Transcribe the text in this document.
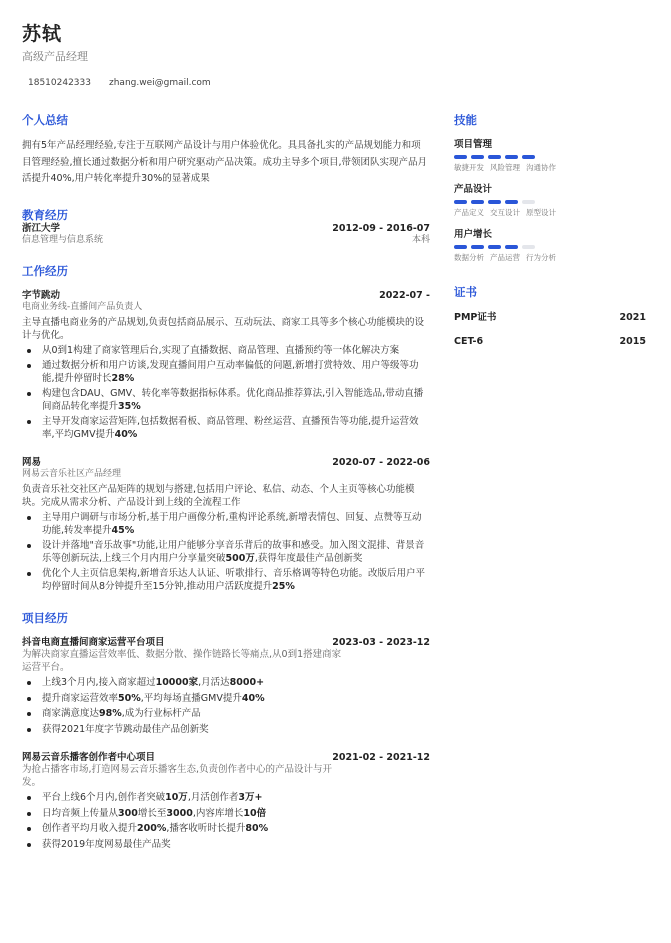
苏轼
高级产品经理
18510242333 zhang.wei@gmail.com
个人总结

拥有5年产品经理经验,专注于互联网产品设计与用户体验优化。具具备扎实的产品规划能力和项目管理经验,擅长通过数据分析和用户研究驱动产品决策。成功主导多个项目,带领团队实现产品月活提升40%,用户转化率提升30%的显著成果

教育经历
浙江大学	2012-09 - 2016-07
信息管理与信息系统	本科
工作经历
字节跳动	2022-07 -
电商业务线-直播间产品负责人

主导直播电商业务的产品规划,负责包括商品展示、互动玩法、商家工具等多个核心功能模块的设计与优化。

从0到1构建了商家管理后台,实现了直播数据、商品管理、直播预约等一体化解决方案
通过数据分析和用户访谈,发现直播间用户互动率偏低的问题,新增打赏特效、用户等级等功能,提升停留时长28%
构建包含DAU、GMV、转化率等数据指标体系。优化商品推荐算法,引入智能选品,带动直播间商品转化率提升35%
主导开发商家运营矩阵,包括数据看板、商品管理、粉丝运营、直播预告等功能,提升运营效率,平均GMV提升40%
网易	2020-07 - 2022-06
网易云音乐社区产品经理

负责音乐社交社区产品矩阵的规划与搭建,包括用户评论、私信、动态、个人主页等核心功能模块。完成从需求分析、产品设计到上线的全流程工作

主导用户调研与市场分析,基于用户画像分析,重构评论系统,新增表情包、回复、点赞等互动功能,转发率提升45%
设计并落地"音乐故事"功能,让用户能够分享音乐背后的故事和感受。加入图文混排、背景音乐等创新玩法,上线三个月内用户分享量突破500万,获得年度最佳产品创新奖
优化个人主页信息架构,新增音乐达人认证、听歌排行、音乐格调等特色功能。改版后用户平均停留时间从8分钟提升至15分钟,推动用户活跃度提升25%
项目经历
抖音电商直播间商家运营平台项目	2023-03 - 2023-12
为解决商家直播运营效率低、数据分散、操作链路长等痛点,从0到1搭建商家运营平台。
上线3个月内,接入商家超过10000家,月活达8000+
提升商家运营效率50%,平均每场直播GMV提升40%
商家满意度达98%,成为行业标杆产品
获得2021年度字节跳动最佳产品创新奖
网易云音乐播客创作者中心项目	2021-02 - 2021-12
为抢占播客市场,打造网易云音乐播客生态,负责创作者中心的产品设计与开发。
平台上线6个月内,创作者突破10万,月活创作者3万+
日均音频上传量从300增长至3000,内容库增长10倍
创作者平均月收入提升200%,播客收听时长提升80%
获得2019年度网易最佳产品奖
技能
项目管理
敏捷开发 风险管理 沟通协作
产品设计
产品定义 交互设计 原型设计
用户增长
数据分析 产品运营 行为分析
证书
PMP证书	2021
CET-6	2015
